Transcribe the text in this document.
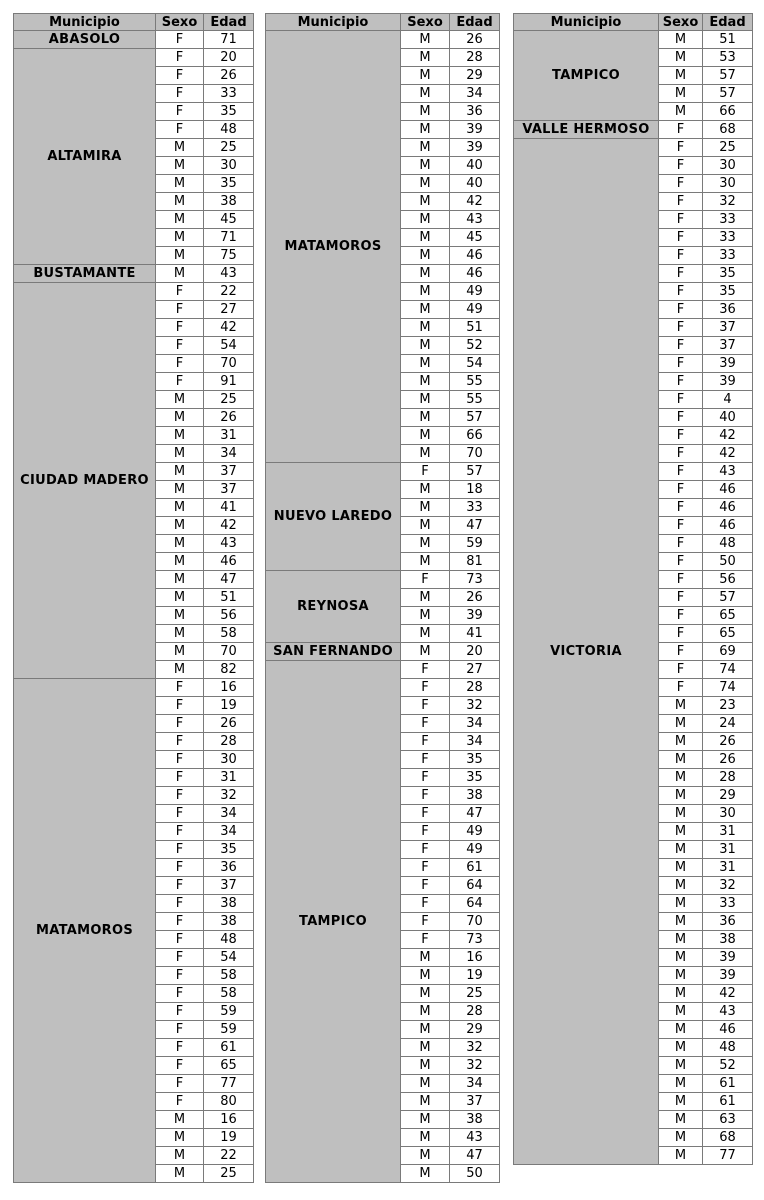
Municipio	Sexo	Edad
ABASOLO	F	71
ALTAMIRA
F	20
F	26
F	33
F	35
F	48
M	25
M	30
M	35
M	38
M	45
M	71
M	75
BUSTAMANTE	M	43
CIUDAD MADERO
F	22
F	27
F	42
F	54
F	70
F	91
M	25
M	26
M	31
M	34
M	37
M	37
M	41
M	42
M	43
M	46
M	47
M	51
M	56
M	58
M	70
M	82
MATAMOROS
F	16
F	19
F	26
F	28
F	30
F	31
F	32
F	34
F	34
F	35
F	36
F	37
F	38
F	38
F	48
F	54
F	58
F	58
F	59
F	59
F	61
F	65
F	77
F	80
M	16
M	19
M	22
M	25
Municipio	Sexo	Edad
MATAMOROS
M	26
M	28
M	29
M	34
M	36
M	39
M	39
M	40
M	40
M	42
M	43
M	45
M	46
M	46
M	49
M	49
M	51
M	52
M	54
M	55
M	55
M	57
M	66
M	70
NUEVO LAREDO
F	57
M	18
M	33
M	47
M	59
M	81
REYNOSA
F	73
M	26
M	39
M	41
SAN FERNANDO	M	20
TAMPICO
F	27
F	28
F	32
F	34
F	34
F	35
F	35
F	38
F	47
F	49
F	49
F	61
F	64
F	64
F	70
F	73
M	16
M	19
M	25
M	28
M	29
M	32
M	32
M	34
M	37
M	38
M	43
M	47
M	50
Municipio	Sexo Edad
TAMPICO
M	51
M	53
M	57
M	57
M	66
VALLE HERMOSO	F	68
VICTORIA
F	25
F	30
F	30
F	32
F	33
F	33
F	33
F	35
F	35
F	36
F	37
F	37
F	39
F	39
F	4
F	40
F	42
F	42
F	43
F	46
F	46
F	46
F	48
F	50
F	56
F	57
F	65
F	65
F	69
F	74
F	74
M	23
M	24
M	26
M	26
M	28
M	29
M	30
M	31
M	31
M	31
M	32
M	33
M	36
M	38
M	39
M	39
M	42
M	43
M	46
M	48
M	52
M	61
M	61
M	63
M	68
M	77
